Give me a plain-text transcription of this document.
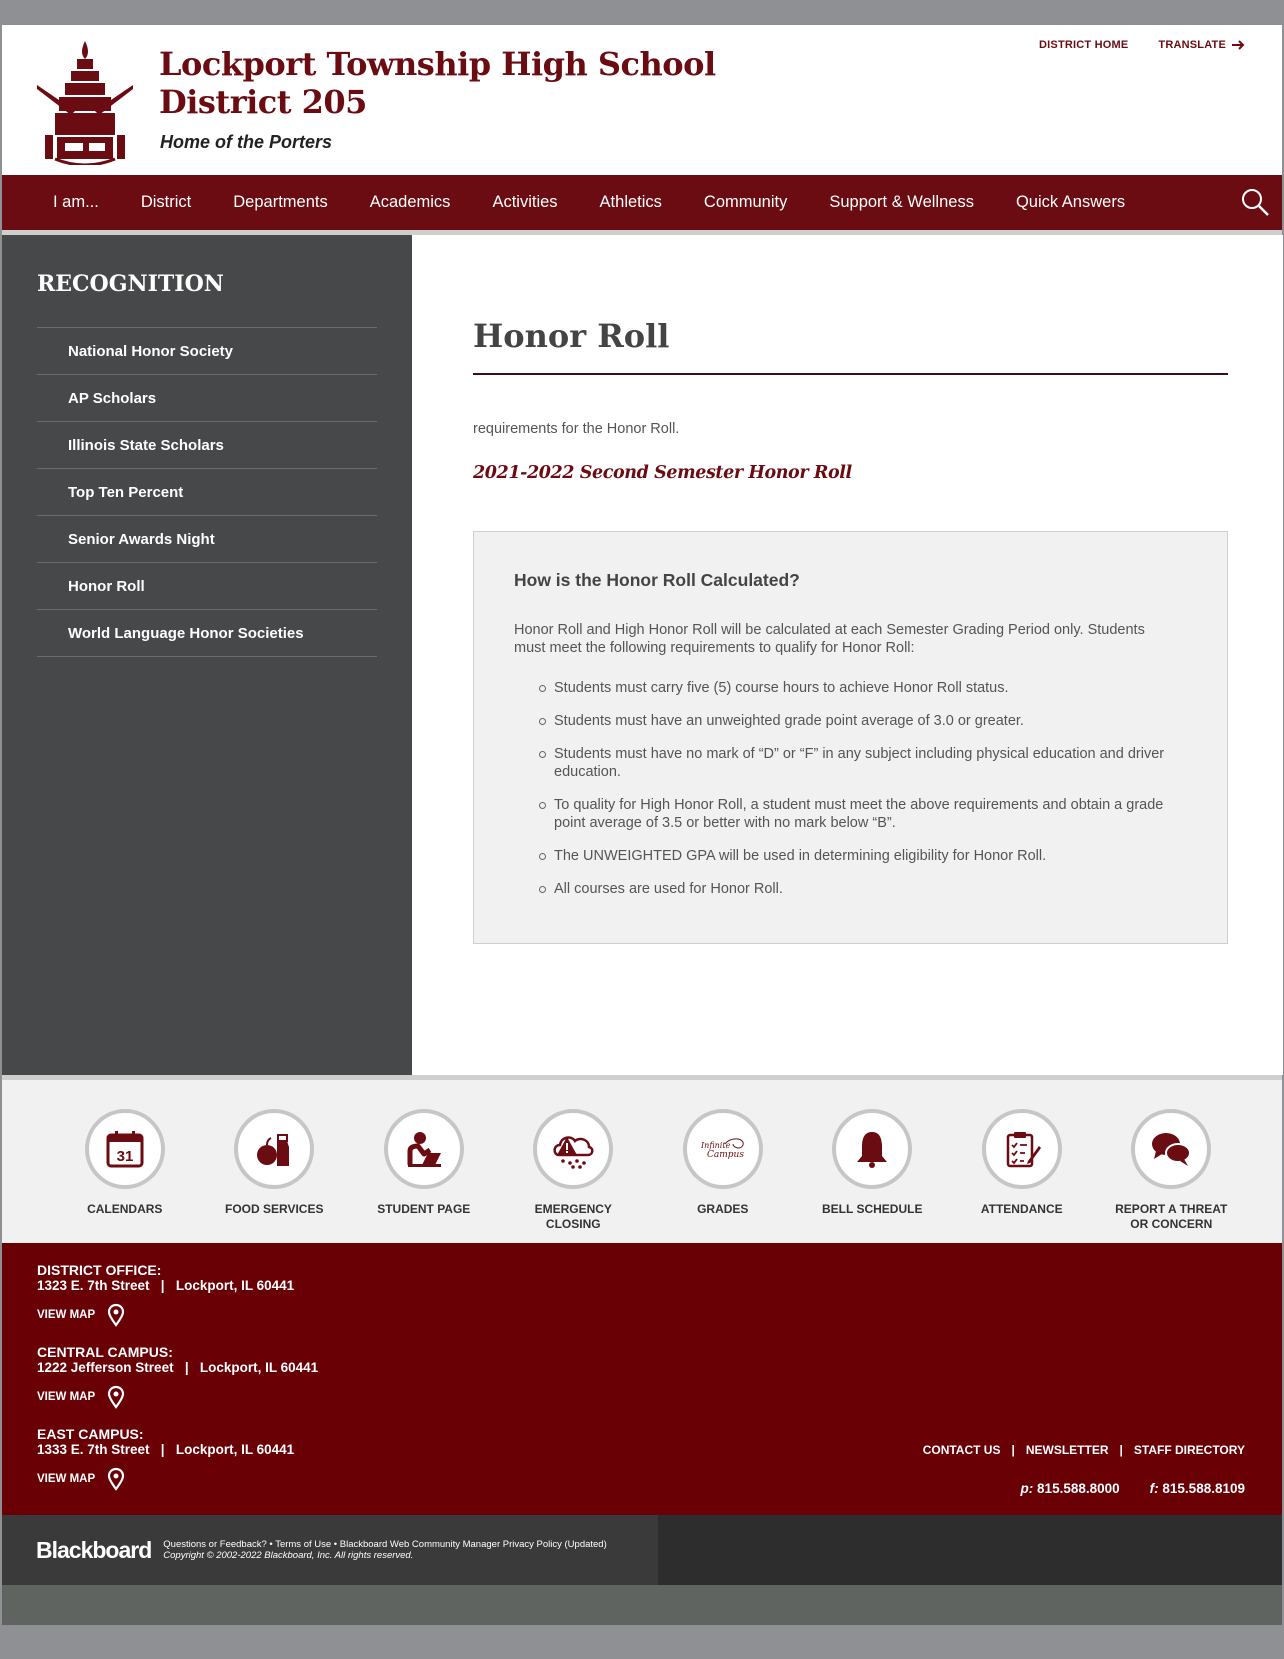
Lockport Township High School
District 205
Home of the Porters
DISTRICT HOME	TRANSLATE
I am...	District	Departments	Academics	Activities	Athletics	Community	Support & Wellness	Quick Answers
RECOGNITION
National Honor Society
AP Scholars
Illinois State Scholars
Top Ten Percent
Senior Awards Night
Honor Roll
World Language Honor Societies
Honor Roll
requirements for the Honor Roll.
2021-2022 Second Semester Honor Roll
How is the Honor Roll Calculated?
Honor Roll and High Honor Roll will be calculated at each Semester Grading Period only. Students must meet the following requirements to qualify for Honor Roll:
Students must carry five (5) course hours to achieve Honor Roll status.
Students must have an unweighted grade point average of 3.0 or greater.
Students must have no mark of “D” or “F” in any subject including physical education and driver education.
To quality for High Honor Roll, a student must meet the above requirements and obtain a grade point average of 3.5 or better with no mark below “B”.
The UNWEIGHTED GPA will be used in determining eligibility for Honor Roll.
All courses are used for Honor Roll.
31
CALENDARS	FOOD SERVICES	STUDENT PAGE	EMERGENCY
CLOSING
Infinite
Campus
GRADES	BELL SCHEDULE	ATTENDANCE	REPORT A THREAT
OR CONCERN
DISTRICT OFFICE:
1323 E. 7th Street   |   Lockport, IL 60441
VIEW MAP
CENTRAL CAMPUS:
1222 Jefferson Street   |   Lockport, IL 60441
VIEW MAP
EAST CAMPUS:
1333 E. 7th Street   |   Lockport, IL 60441
VIEW MAP
CONTACT US | NEWSLETTER | STAFF DIRECTORY
p: 815.588.8000 f: 815.588.8109
Blackboard Questions or Feedback? • Terms of Use • Blackboard Web Community Manager Privacy Policy (Updated)
Copyright © 2002-2022 Blackboard, Inc. All rights reserved.
